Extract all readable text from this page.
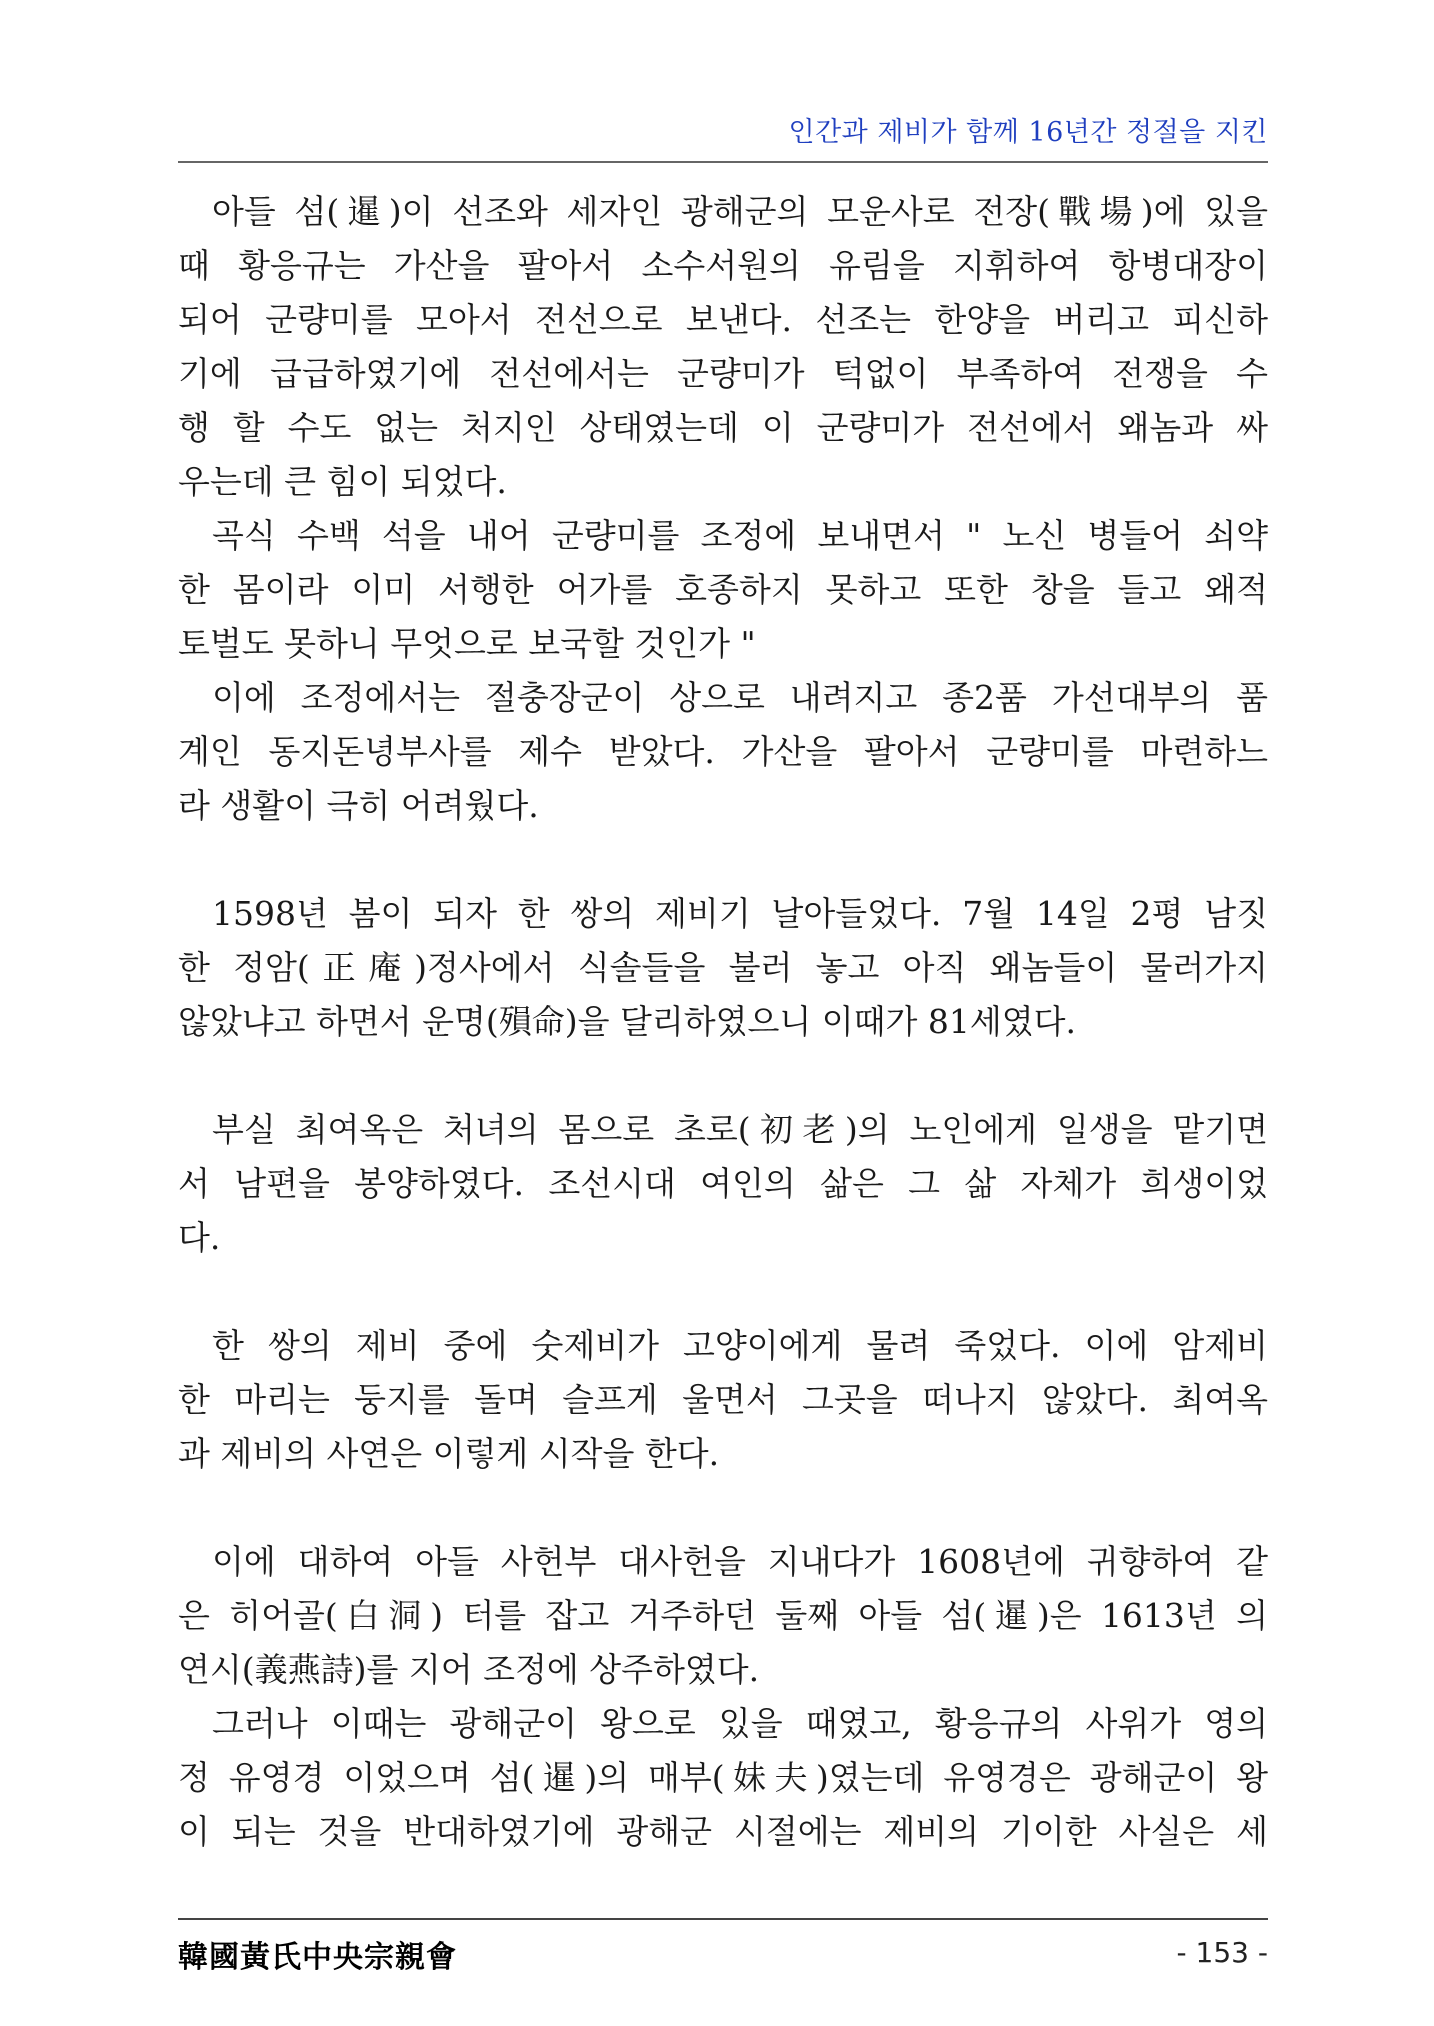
인간과 제비가 함께 16년간 정절을 지킨
아들 섬(暹)이 선조와 세자인 광해군의 모운사로 전장(戰場)에 있을
때 황응규는 가산을 팔아서 소수서원의 유림을 지휘하여 항병대장이
되어 군량미를 모아서 전선으로 보낸다. 선조는 한양을 버리고 피신하
기에 급급하였기에 전선에서는 군량미가 턱없이 부족하여 전쟁을 수
행 할 수도 없는 처지인 상태였는데 이 군량미가 전선에서 왜놈과 싸
우는데 큰 힘이 되었다.
곡식 수백 석을 내어 군량미를 조정에 보내면서 " 노신 병들어 쇠약
한 몸이라 이미 서행한 어가를 호종하지 못하고 또한 창을 들고 왜적
토벌도 못하니 무엇으로 보국할 것인가 "
이에 조정에서는 절충장군이 상으로 내려지고 종2품 가선대부의 품
계인 동지돈녕부사를 제수 받았다. 가산을 팔아서 군량미를 마련하느
라 생활이 극히 어려웠다.
1598년 봄이 되자 한 쌍의 제비기 날아들었다. 7월 14일 2평 남짓
한 정암(正庵)정사에서 식솔들을 불러 놓고 아직 왜놈들이 물러가지
않았냐고 하면서 운명(殞命)을 달리하였으니 이때가 81세였다.
부실 최여옥은 처녀의 몸으로 초로(初老)의 노인에게 일생을 맡기면
서 남편을 봉양하였다. 조선시대 여인의 삶은 그 삶 자체가 희생이었
다.
한 쌍의 제비 중에 숫제비가 고양이에게 물려 죽었다. 이에 암제비
한 마리는 둥지를 돌며 슬프게 울면서 그곳을 떠나지 않았다. 최여옥
과 제비의 사연은 이렇게 시작을 한다.
이에 대하여 아들 사헌부 대사헌을 지내다가 1608년에 귀향하여 같
은 히어골(白洞) 터를 잡고 거주하던 둘째 아들 섬(暹)은 1613년 의
연시(義燕詩)를 지어 조정에 상주하였다.
그러나 이때는 광해군이 왕으로 있을 때였고, 황응규의 사위가 영의
정 유영경 이었으며 섬(暹)의 매부(妹夫)였는데 유영경은 광해군이 왕
이 되는 것을 반대하였기에 광해군 시절에는 제비의 기이한 사실은 세
韓國黃氏中央宗親會	- 153 -
